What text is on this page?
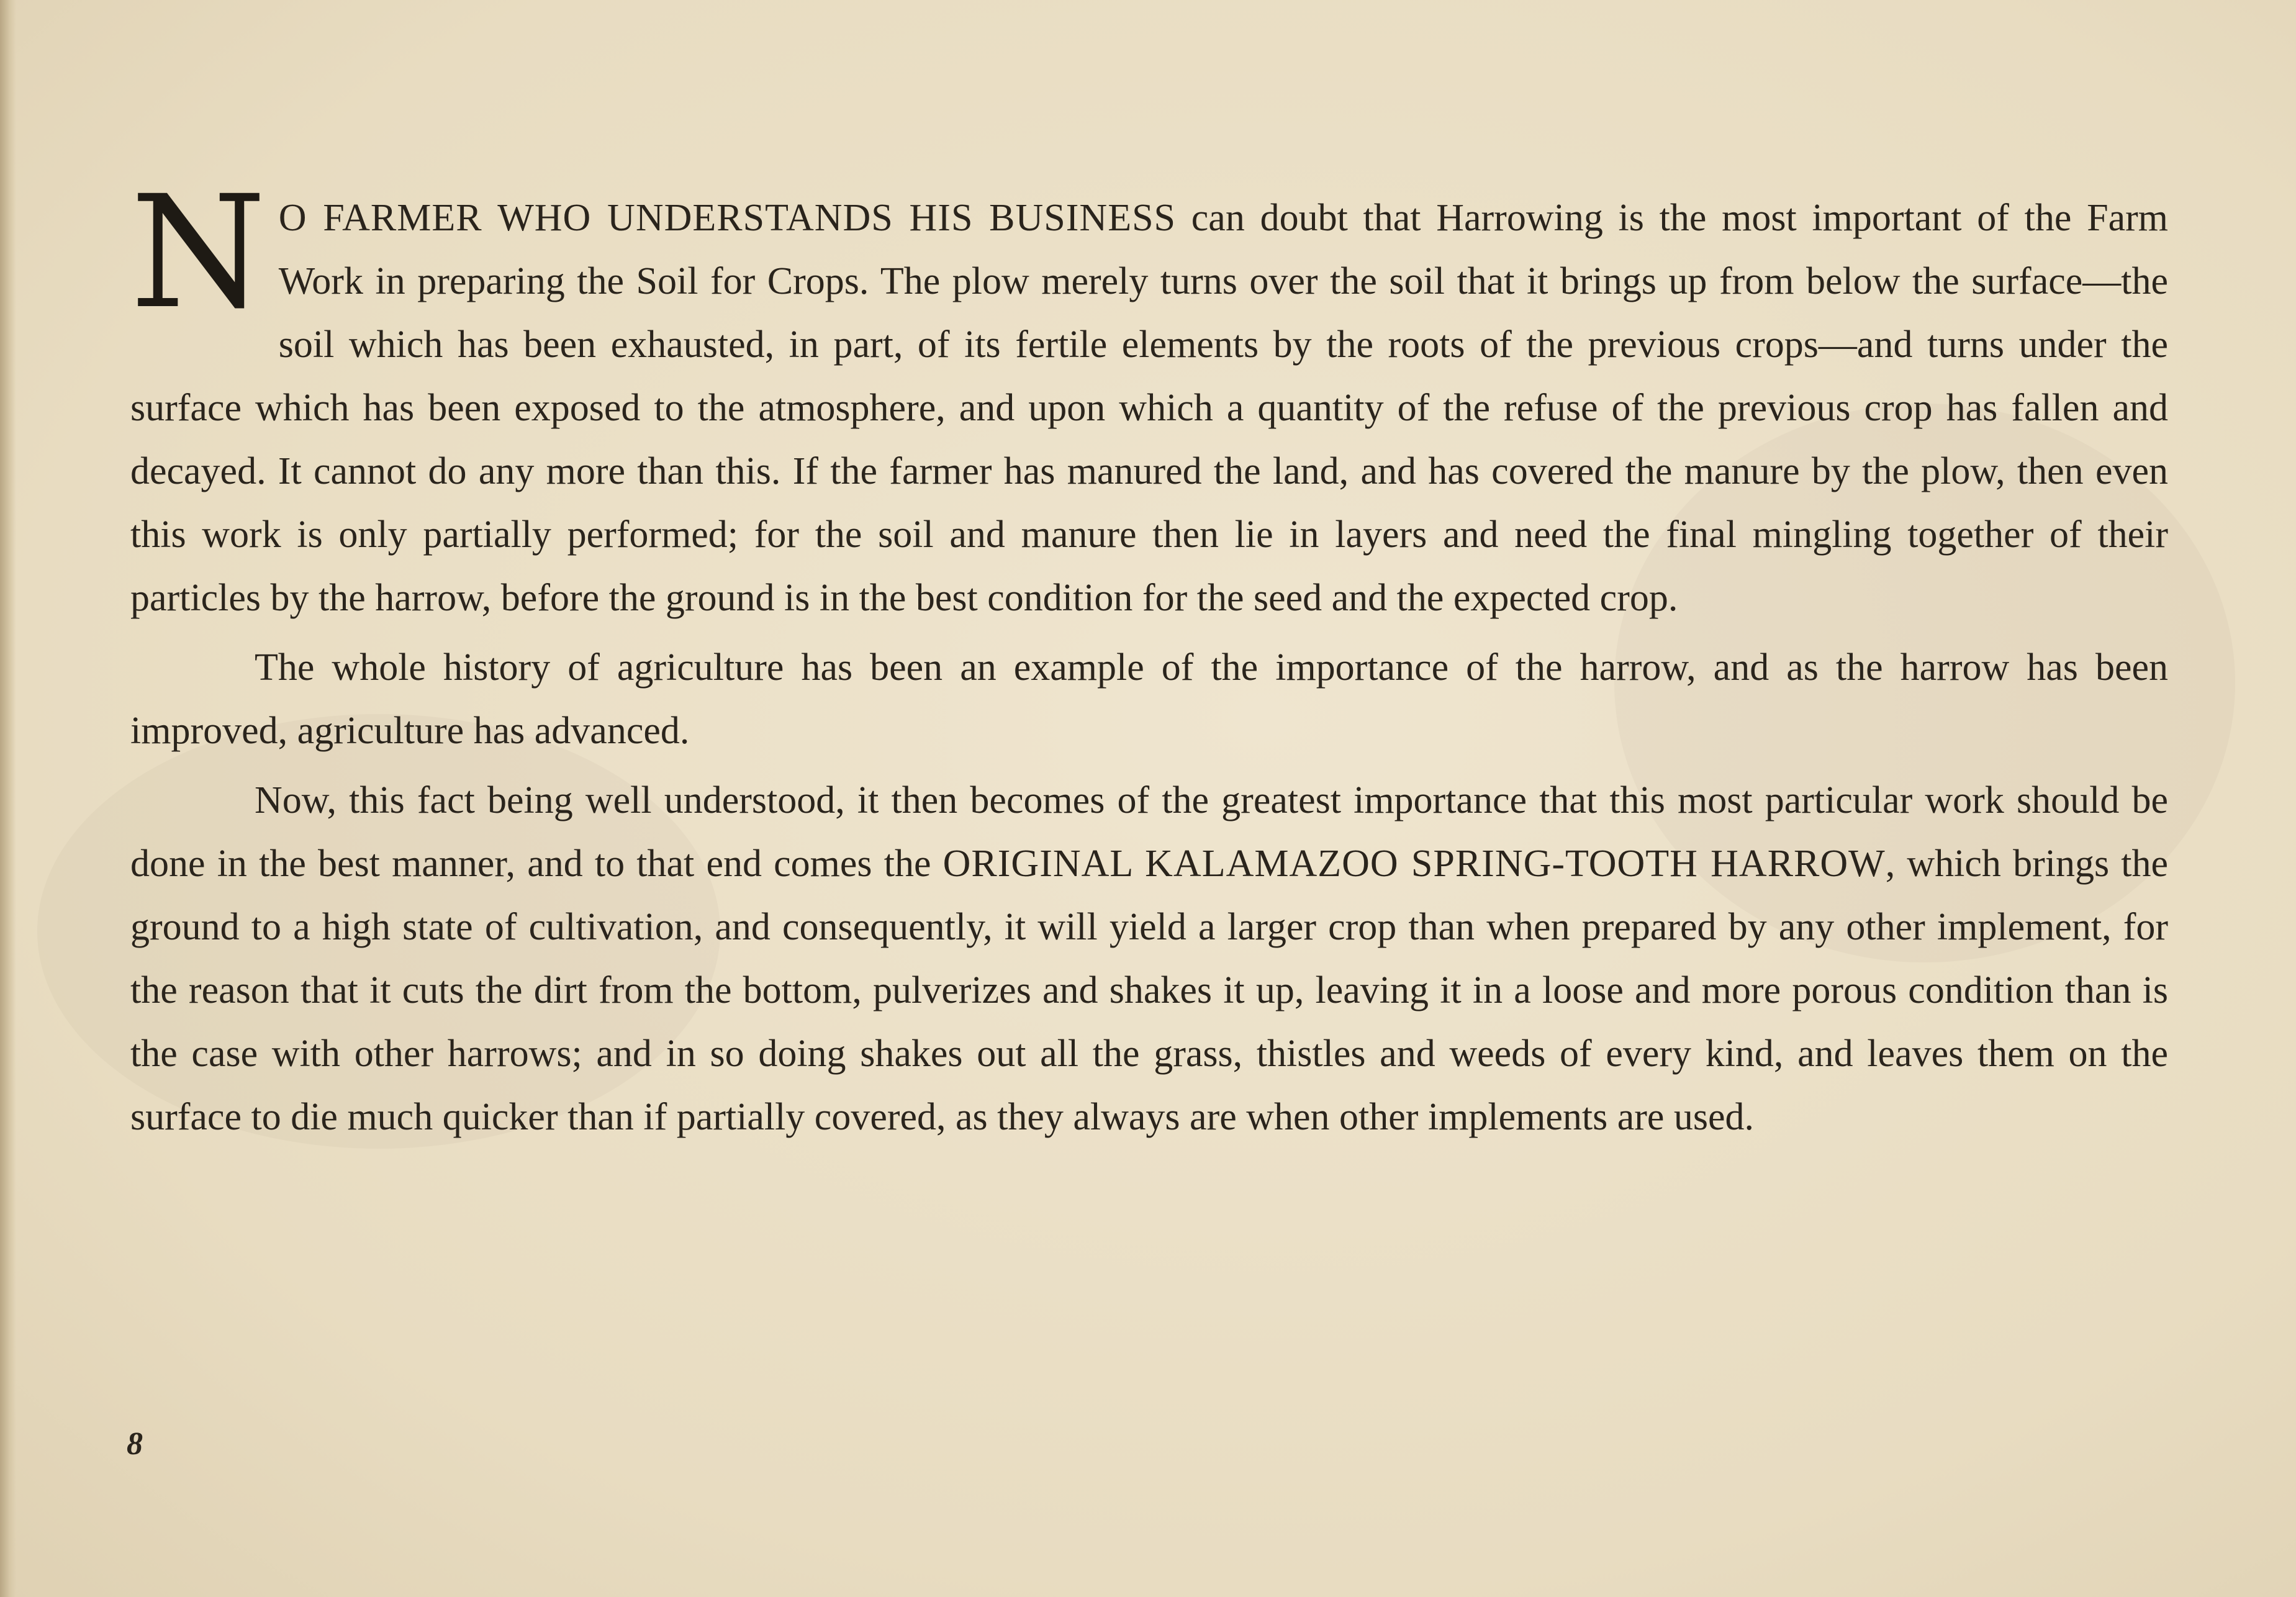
N O FARMER WHO UNDERSTANDS HIS BUSINESS can doubt that Harrowing is the most important of the Farm Work in preparing the Soil for Crops. The plow merely turns over the soil that it brings up from below the surface—the soil which has been exhausted, in part, of its fertile elements by the roots of the previous crops—and turns under the surface which has been exposed to the atmosphere, and upon which a quantity of the refuse of the previous crop has fallen and decayed. It cannot do any more than this. If the farmer has manured the land, and has covered the manure by the plow, then even this work is only partially performed; for the soil and manure then lie in layers and need the final mingling together of their particles by the harrow, before the ground is in the best condition for the seed and the expected crop.

The whole history of agriculture has been an example of the importance of the harrow, and as the harrow has been improved, agriculture has advanced.

Now, this fact being well understood, it then becomes of the greatest importance that this most particular work should be done in the best manner, and to that end comes the ORIGINAL KALAMAZOO SPRING-TOOTH HARROW, which brings the ground to a high state of cultivation, and consequently, it will yield a larger crop than when prepared by any other implement, for the reason that it cuts the dirt from the bottom, pulverizes and shakes it up, leaving it in a loose and more porous condition than is the case with other harrows; and in so doing shakes out all the grass, thistles and weeds of every kind, and leaves them on the surface to die much quicker than if partially covered, as they always are when other implements are used.

8
